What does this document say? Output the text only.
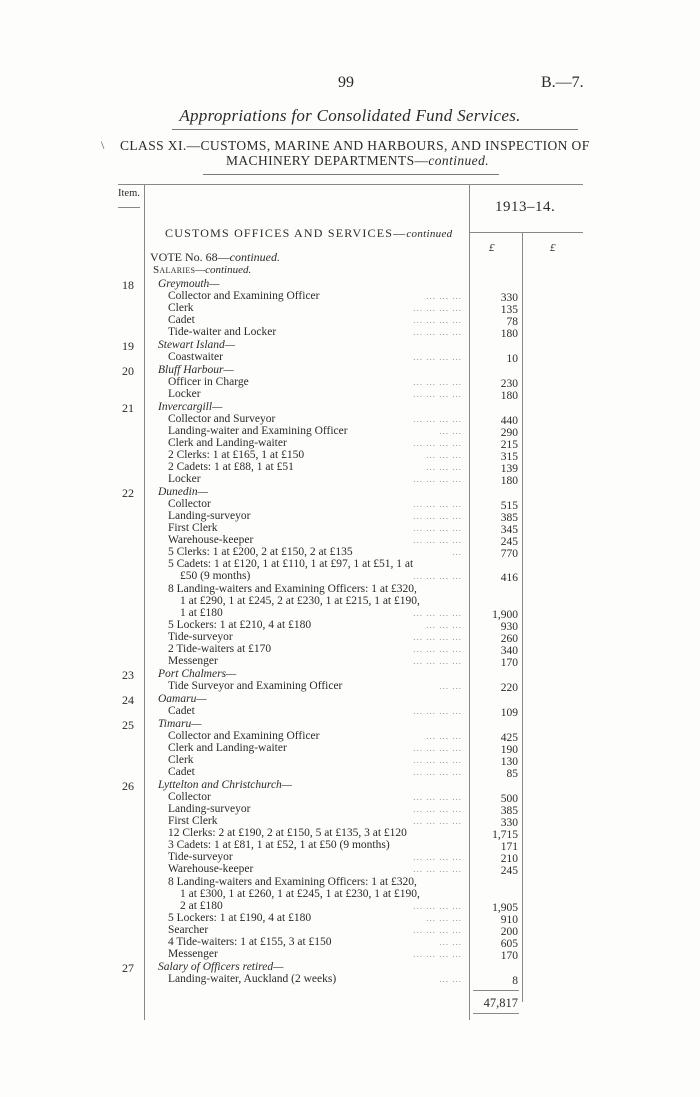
99	B.—7.
Appropriations for Consolidated Fund Services.
\ CLASS XI.—CUSTOMS, MARINE AND HARBOURS, AND INSPECTION OF
MACHINERY DEPARTMENTS—continued.
Item.
1913–14.
£	£
CUSTOMS OFFICES AND SERVICES—continued
VOTE No. 68—continued.
Salaries—continued.
18	Greymouth—
Collector and Examining Officer	... ... ...	330
Clerk	... ... ... ...	135
Cadet	... ... ... ...	78
Tide-waiter and Locker	... ... ... ...	180
19	Stewart Island—
Coastwaiter	... ... ... ...	10
20	Bluff Harbour—
Officer in Charge	... ... ... ...	230
Locker	... ... ... ...	180
21	Invercargill—
Collector and Surveyor	... ... ... ...	440
Landing-waiter and Examining Officer	... ...	290
Clerk and Landing-waiter	... ... ... ...	215
2 Clerks: 1 at £165, 1 at £150	... ... ...	315
2 Cadets: 1 at £88, 1 at £51	... ... ...	139
Locker	... ... ... ...	180
22	Dunedin—
Collector	... ... ... ...	515
Landing-surveyor	... ... ... ...	385
First Clerk	... ... ... ...	345
Warehouse-keeper	... ... ... ...	245
5 Clerks: 1 at £200, 2 at £150, 2 at £135	...	770
5 Cadets: 1 at £120, 1 at £110, 1 at £97, 1 at £51, 1 at
£50 (9 months)	... ... ... ...	416
8 Landing-waiters and Examining Officers: 1 at £320,
1 at £290, 1 at £245, 2 at £230, 1 at £215, 1 at £190,
1 at £180	... ... ... ...	1,900
5 Lockers: 1 at £210, 4 at £180	... ... ...	930
Tide-surveyor	... ... ... ...	260
2 Tide-waiters at £170	... ... ... ...	340
Messenger	... ... ... ...	170
23	Port Chalmers—
Tide Surveyor and Examining Officer	... ...	220
24	Oamaru—
Cadet	... ... ... ...	109
25	Timaru—
Collector and Examining Officer	... ... ...	425
Clerk and Landing-waiter	... ... ... ...	190
Clerk	... ... ... ...	130
Cadet	... ... ... ...	85
26	Lyttelton and Christchurch—
Collector	... ... ... ...	500
Landing-surveyor	... ... ... ...	385
First Clerk	... ... ... ...	330
12 Clerks: 2 at £190, 2 at £150, 5 at £135, 3 at £120	1,715
3 Cadets: 1 at £81, 1 at £52, 1 at £50 (9 months)	171
Tide-surveyor	... ... ... ...	210
Warehouse-keeper	... ... ... ...	245
8 Landing-waiters and Examining Officers: 1 at £320,
1 at £300, 1 at £260, 1 at £245, 1 at £230, 1 at £190,
2 at £180	... ... ... ...	1,905
5 Lockers: 1 at £190, 4 at £180	... ... ...	910
Searcher	... ... ... ...	200
4 Tide-waiters: 1 at £155, 3 at £150	... ...	605
Messenger	... ... ... ...	170
27	Salary of Officers retired—
Landing-waiter, Auckland (2 weeks)	... ...	8
47,817
